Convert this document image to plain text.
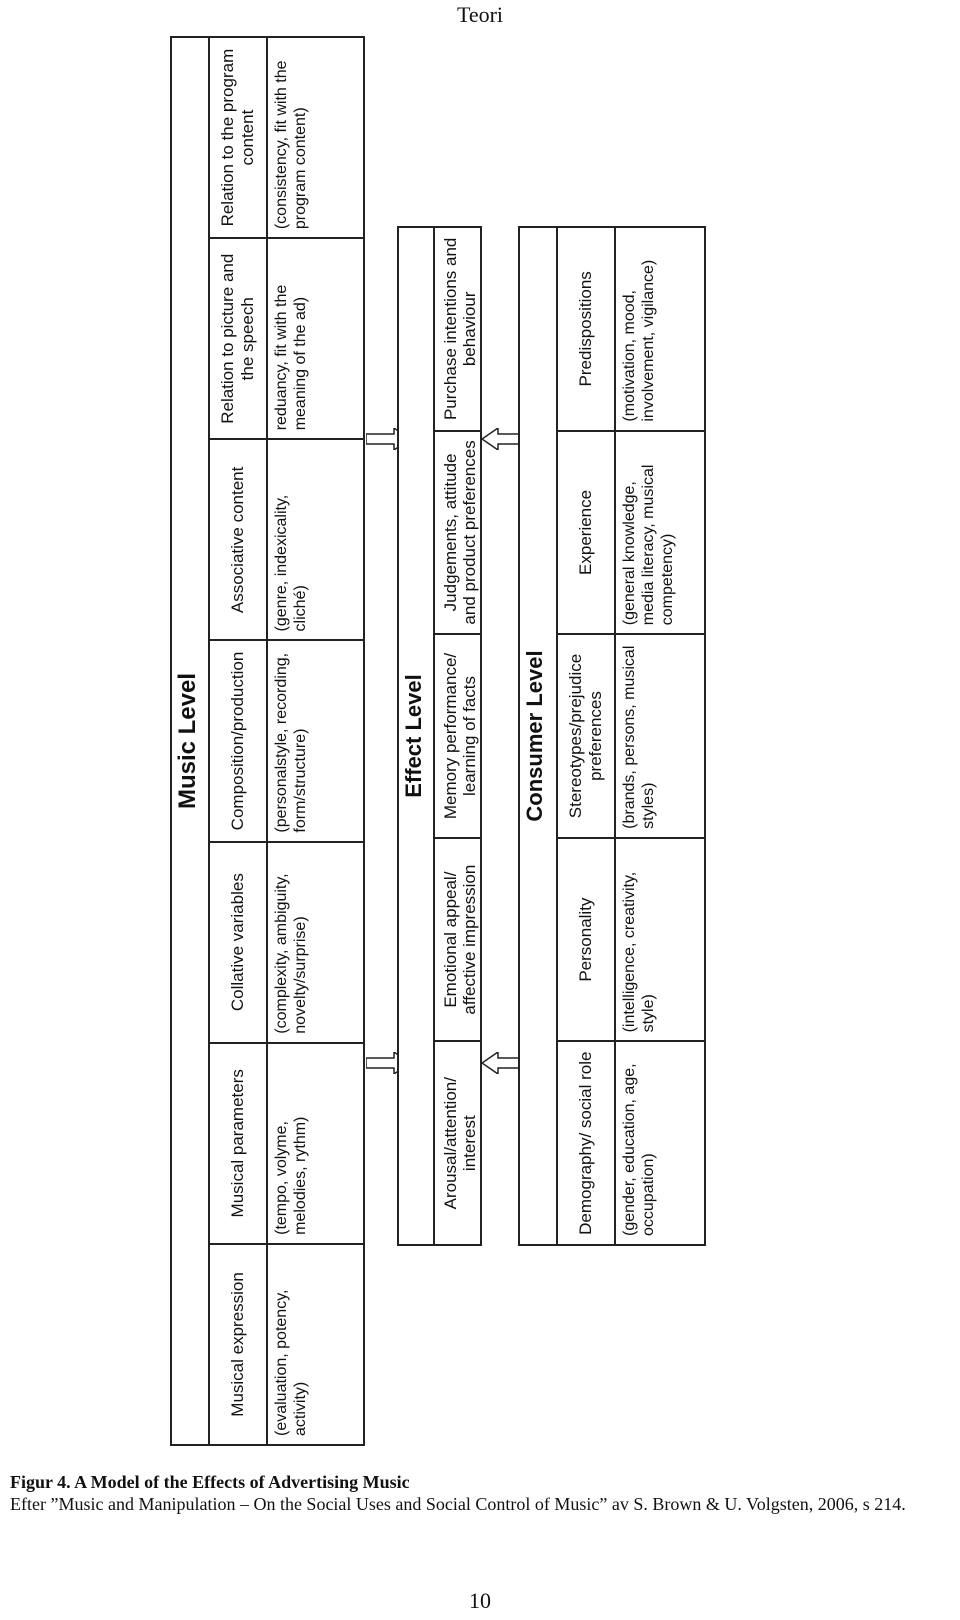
Teori
Music Level
Musical expression	(evaluation, potency, activity)
Musical parameters	(tempo, volyme, melodies, rythm)
Collative variables	(complexity, ambiguity, novelty/surprise)
Composition/production	(personalstyle, recording, form/structure)
Associative content	(genre, indexicality, cliché)
Relation to picture and the speech	reduancy, fit with the meaning of the ad)
Relation to the program content	(consistency, fit with the program content)
Effect Level
Arousal/attention/ interest
Emotional appeal/ affective impression
Memory performance/ learning of facts
Judgements, attitude and product preferences
Purchase intentions and behaviour
Consumer Level
Demography/ social role	(gender, education, age, occupation)
Personality	(intelligence, creativity, style)
Stereotypes/prejudice preferences	(brands, persons, musical styles)
Experience	(general knowledge, media literacy, musical competency)
Predispositions	(motivation, mood, involvement, vigilance)
Figur 4. A Model of the Effects of Advertising Music
Efter ”Music and Manipulation – On the Social Uses and Social Control of Music” av S. Brown & U. Volgsten, 2006, s 214.
10
